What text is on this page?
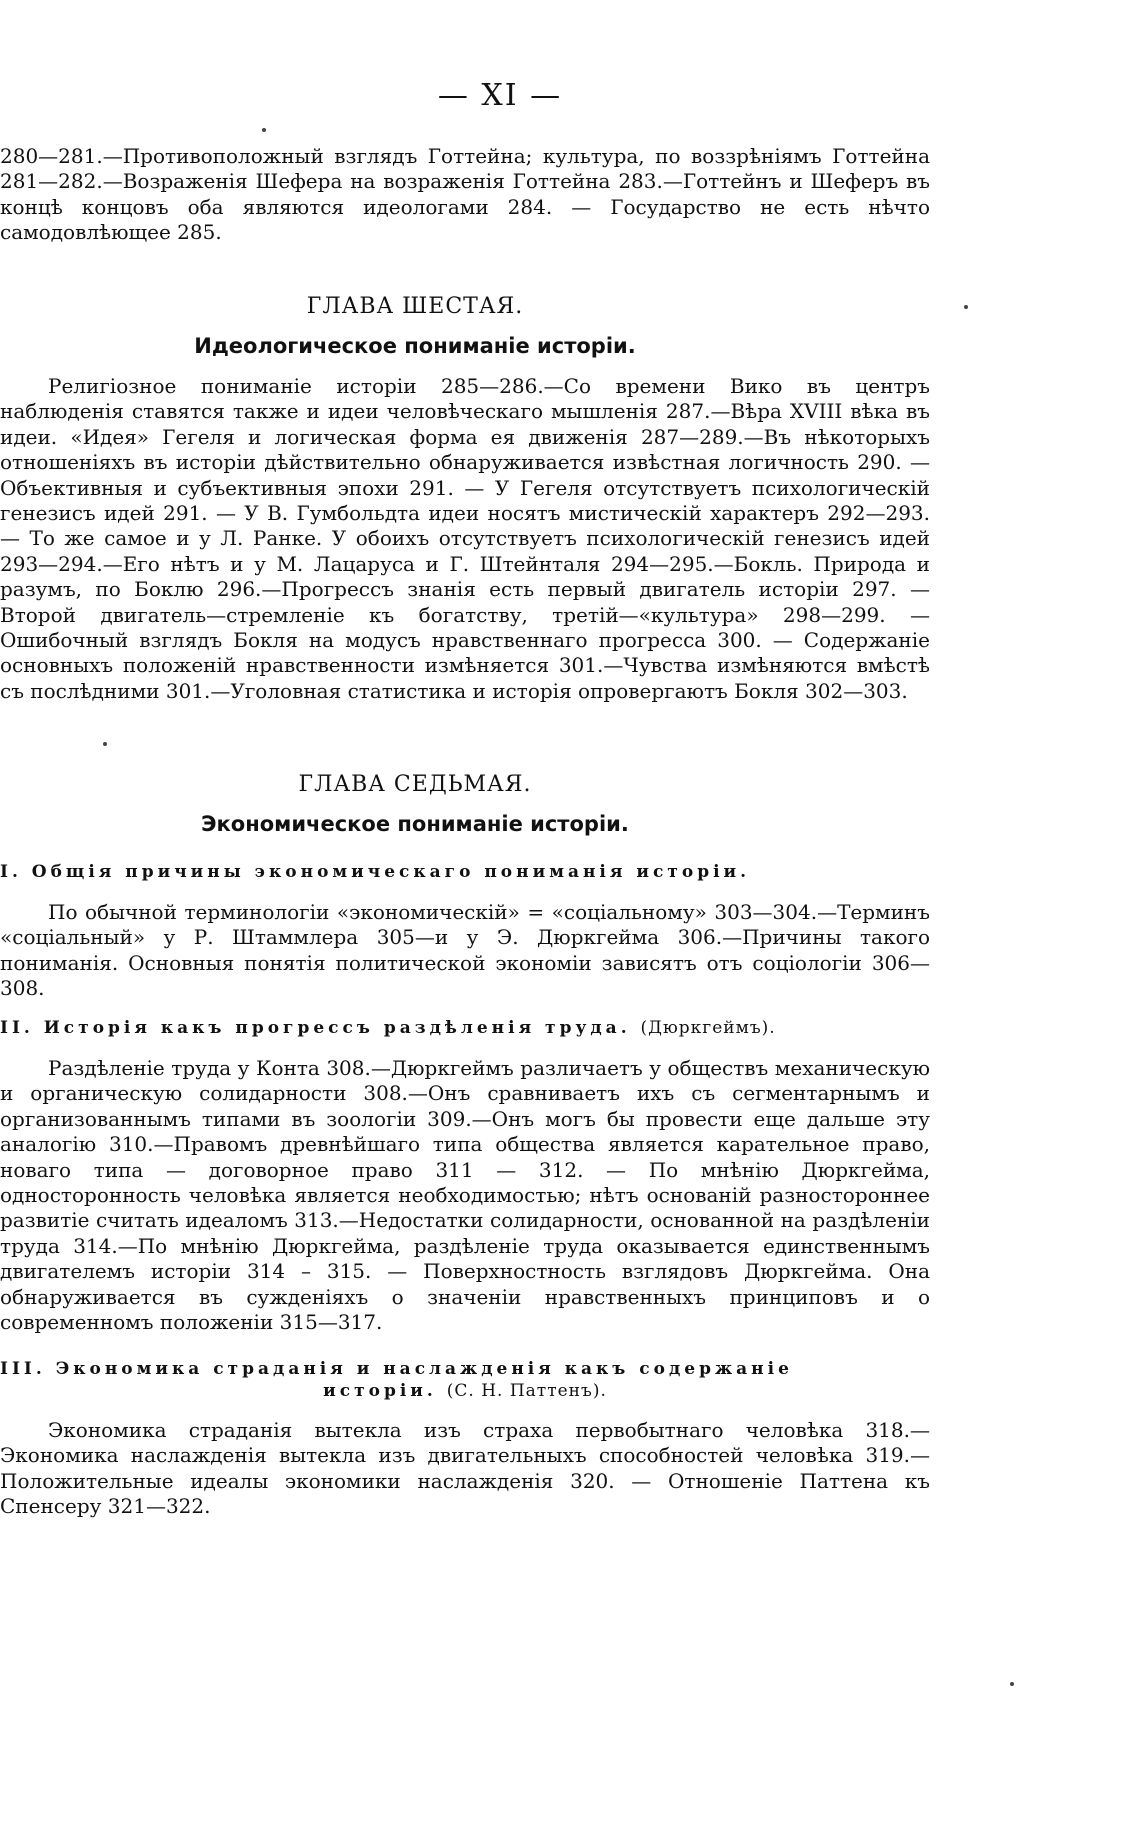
— XI —
280—281.—Противоположный взглядъ Готтейна; культура, по воззрѣніямъ Готтейна 281—282.—Возраженія Шефера на возраженія Готтейна 283.—Готтейнъ и Шеферъ въ концѣ концовъ оба являются идеологами 284. — Государство не есть нѣчто самодовлѣющее 285.
ГЛАВА ШЕСТАЯ.
Идеологическое пониманіе исторіи.
Религіозное пониманіе исторіи 285—286.—Со времени Вико въ центръ наблюденія ставятся также и идеи человѣческаго мышленія 287.—Вѣра XVIII вѣка въ идеи. «Идея» Гегеля и логическая форма ея движенія 287—289.—Въ нѣкоторыхъ отношеніяхъ въ исторіи дѣйствительно обнаруживается извѣстная логичность 290. — Объективныя и субъективныя эпохи 291. — У Гегеля отсутствуетъ психологическій генезисъ идей 291. — У В. Гумбольдта идеи носятъ мистическій характеръ 292—293. — То же самое и у Л. Ранке. У обоихъ отсутствуетъ психологическій генезисъ идей 293—294.—Его нѣтъ и у М. Лацаруса и Г. Штейнталя 294—295.—Бокль. Природа и разумъ, по Боклю 296.—Прогрессъ знанія есть первый двигатель исторіи 297. — Второй двигатель—стремленіе къ богатству, третій—«культура» 298—299. — Ошибочный взглядъ Бокля на модусъ нравственнаго прогресса 300. — Содержаніе основныхъ положеній нравственности измѣняется 301.—Чувства измѣняются вмѣстѣ съ послѣдними 301.—Уголовная статистика и исторія опровергаютъ Бокля 302—303.
ГЛАВА СЕДЬМАЯ.
Экономическое пониманіе исторіи.
I. Общія причины экономическаго пониманія исторіи.
По обычной терминологіи «экономическій» = «соціальному» 303—304.—Терминъ «соціальный» у Р. Штаммлера 305—и у Э. Дюркгейма 306.—Причины такого пониманія. Основныя понятія политической экономіи зависятъ отъ соціологіи 306—308.
II. Исторія какъ прогрессъ раздѣленія труда. (Дюркгеймъ).
Раздѣленіе труда у Конта 308.—Дюркгеймъ различаетъ у обществъ механическую и органическую солидарности 308.—Онъ сравниваетъ ихъ съ сегментарнымъ и организованнымъ типами въ зоологіи 309.—Онъ могъ бы провести еще дальше эту аналогію 310.—Правомъ древнѣйшаго типа общества является карательное право, новаго типа — договорное право 311 — 312. — По мнѣнію Дюркгейма, односторонность человѣка является необходимостью; нѣтъ основаній разностороннее развитіе считать идеаломъ 313.—Недостатки солидарности, основанной на раздѣленіи труда 314.—По мнѣнію Дюркгейма, раздѣленіе труда оказывается единственнымъ двигателемъ исторіи 314 – 315. — Поверхностность взглядовъ Дюркгейма. Она обнаруживается въ сужденіяхъ о значеніи нравственныхъ принциповъ и о современномъ положеніи 315—317.
III. Экономика страданія и наслажденія какъ содержаніе
исторіи. (С. Н. Паттенъ).
Экономика страданія вытекла изъ страха первобытнаго человѣка 318.—Экономика наслажденія вытекла изъ двигательныхъ способностей человѣка 319.—Положительные идеалы экономики наслажденія 320. — Отношеніе Паттена къ Спенсеру 321—322.
